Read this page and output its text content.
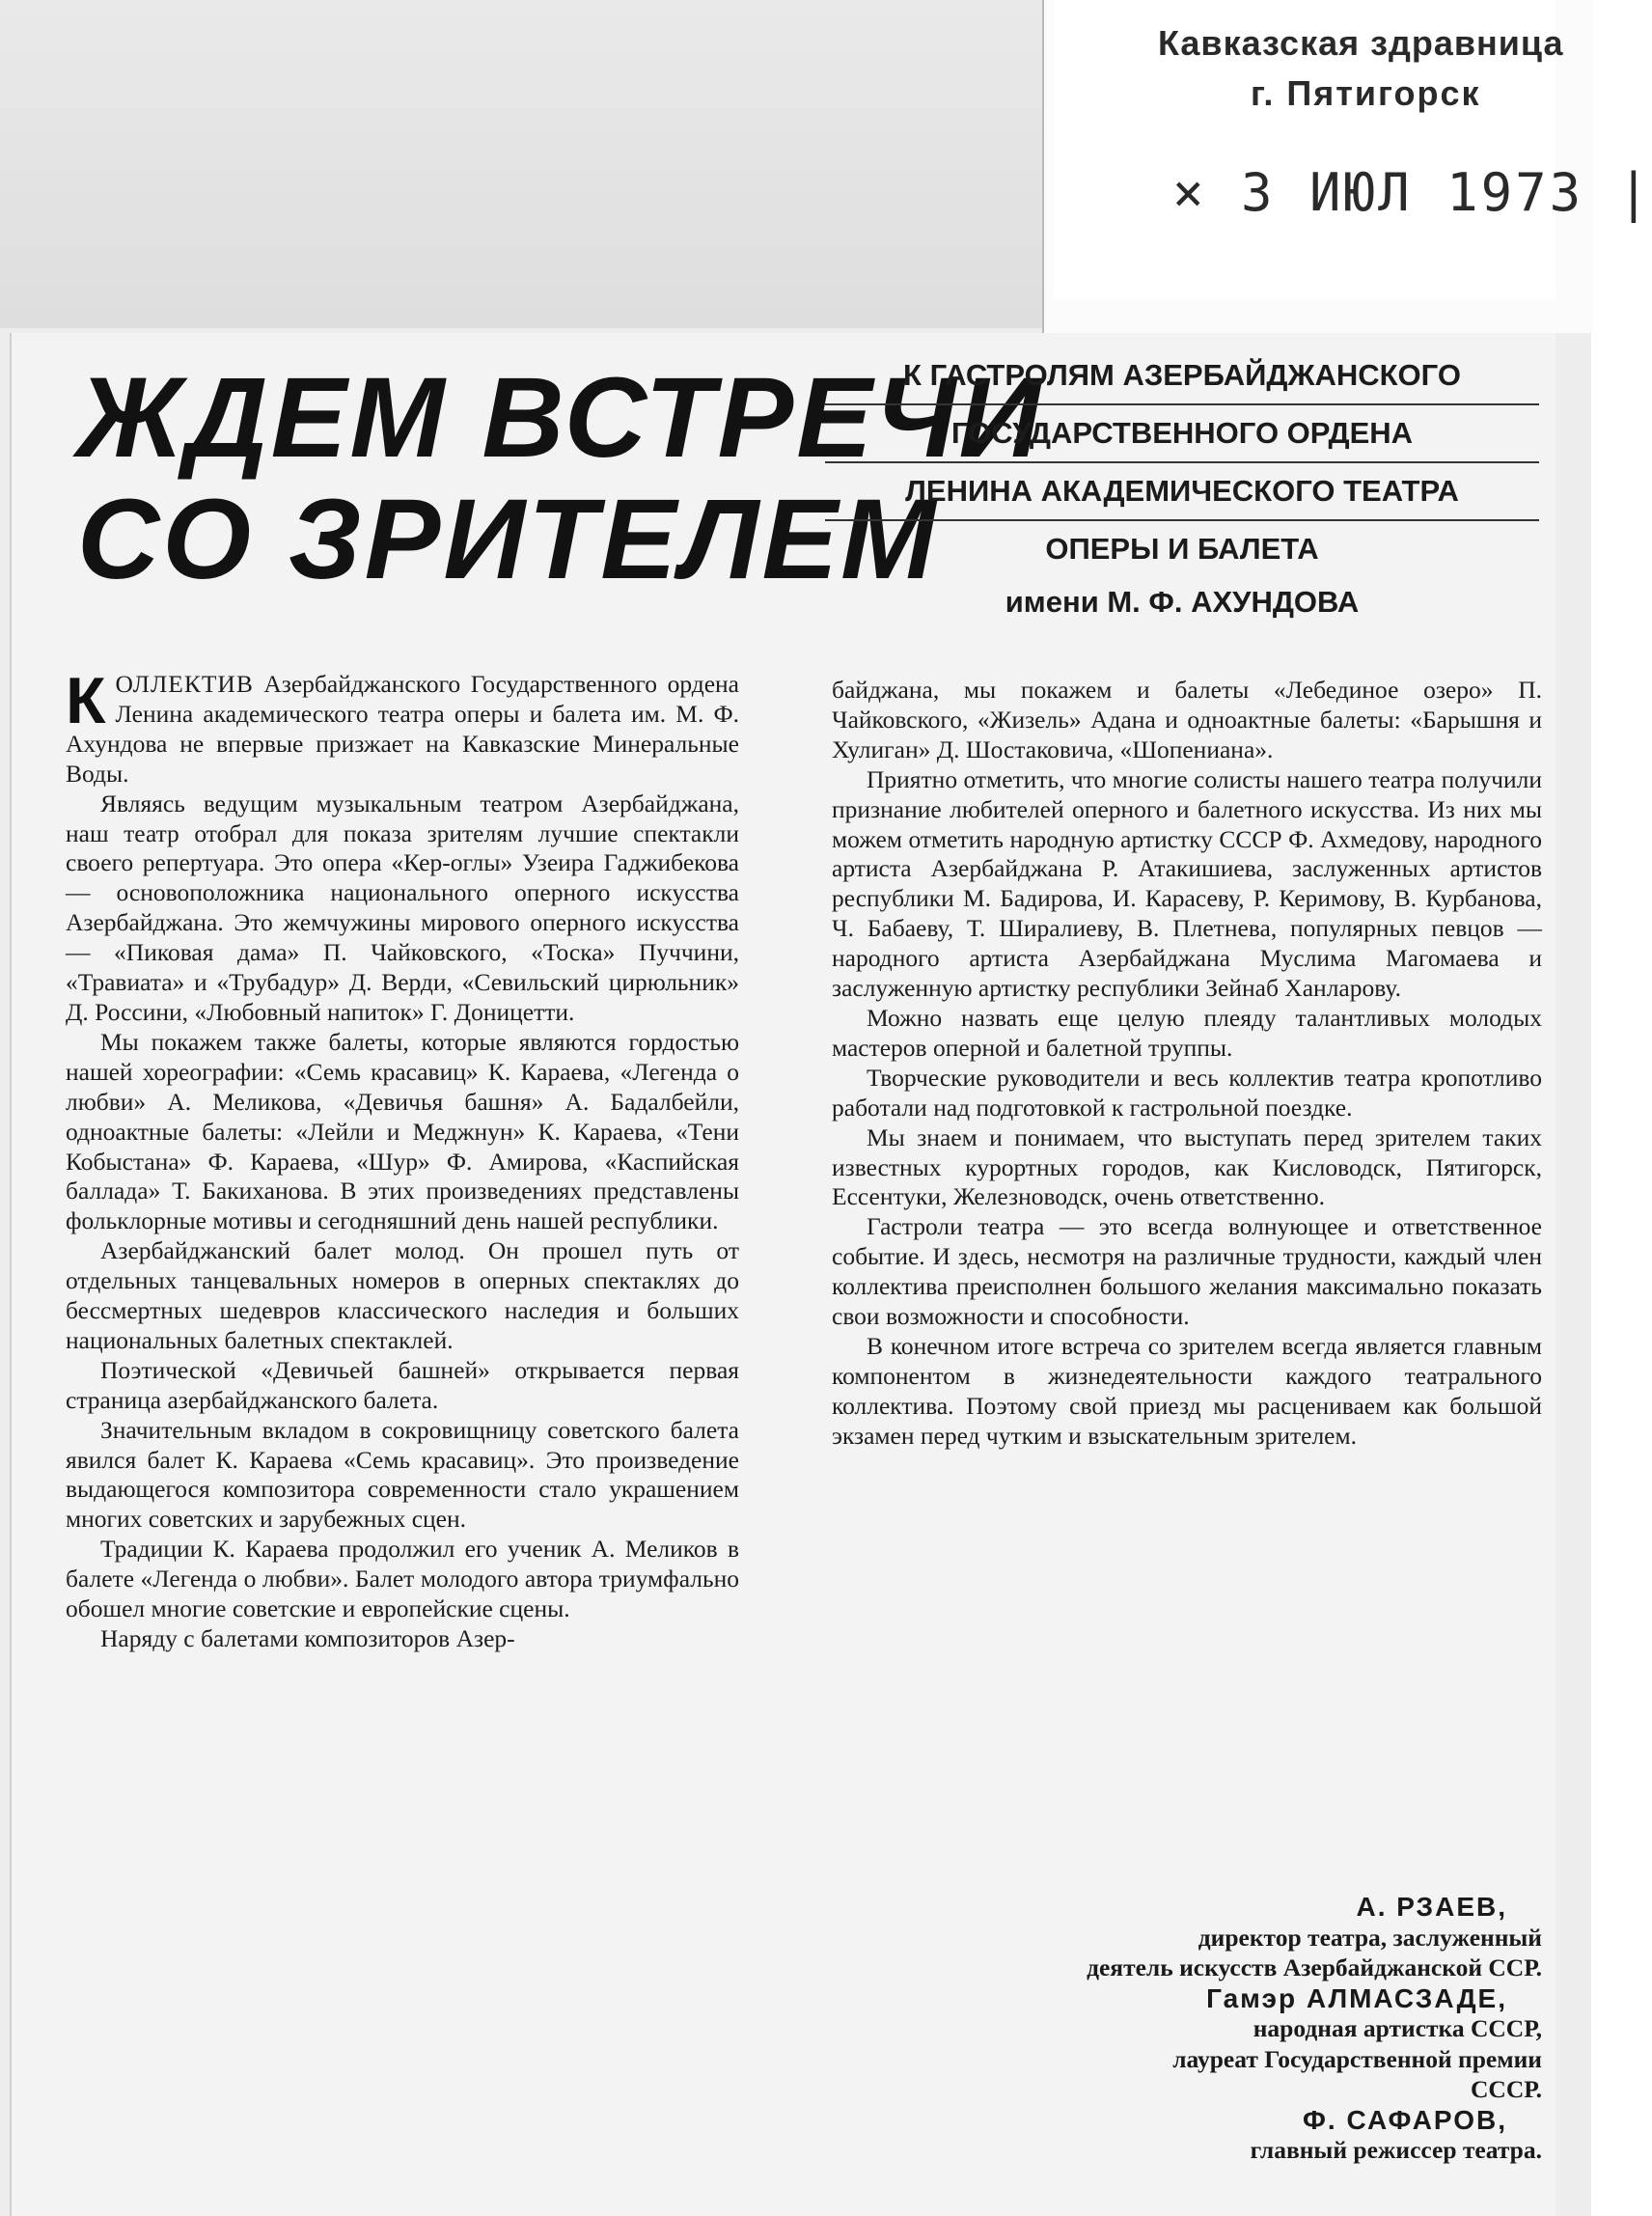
Кавказская здравница
г. Пятигорск
× 3 ИЮЛ 1973 |
ЖДЕМ ВСТРЕЧИ
СО ЗРИТЕЛЕМ
К ГАСТРОЛЯМ АЗЕРБАЙДЖАНСКОГО
ГОСУДАРСТВЕННОГО ОРДЕНА
ЛЕНИНА АКАДЕМИЧЕСКОГО ТЕАТРА
ОПЕРЫ И БАЛЕТА
имени М. Ф. АХУНДОВА

КОЛЛЕКТИВ Азербайджанского Государственного ордена Ленина академического театра оперы и балета им. М. Ф. Ахундова не впервые призжает на Кавказские Минеральные Воды.

Являясь ведущим музыкальным театром Азербайджана, наш театр отобрал для показа зрителям лучшие спектакли своего репертуара. Это опера «Кер-оглы» Узеира Гаджибекова — основоположника национального оперного искусства Азербайджана. Это жемчужины мирового оперного искусства — «Пиковая дама» П. Чайковского, «Тоска» Пуччини, «Травиата» и «Трубадур» Д. Верди, «Севильский цирюльник» Д. Россини, «Любовный напиток» Г. Доницетти.

Мы покажем также балеты, которые являются гордостью нашей хореографии: «Семь красавиц» К. Караева, «Легенда о любви» А. Меликова, «Девичья башня» А. Бадалбейли, одноактные балеты: «Лейли и Меджнун» К. Караева, «Тени Кобыстана» Ф. Караева, «Шур» Ф. Амирова, «Каспийская баллада» Т. Бакиханова. В этих произведениях представлены фольклорные мотивы и сегодняшний день нашей республики.

Азербайджанский балет молод. Он прошел путь от отдельных танцевальных номеров в оперных спектаклях до бессмертных шедевров классического наследия и больших национальных балетных спектаклей.

Поэтической «Девичьей башней» открывается первая страница азербайджанского балета.

Значительным вкладом в сокровищницу советского балета явился балет К. Караева «Семь красавиц». Это произведение выдающегося композитора современности стало украшением многих советских и зарубежных сцен.

Традиции К. Караева продолжил его ученик А. Меликов в балете «Легенда о любви». Балет молодого автора триумфально обошел многие советские и европейские сцены.

Наряду с балетами композиторов Азер-

байджана, мы покажем и балеты «Лебединое озеро» П. Чайковского, «Жизель» Адана и одноактные балеты: «Барышня и Хулиган» Д. Шостаковича, «Шопениана».

Приятно отметить, что многие солисты нашего театра получили признание любителей оперного и балетного искусства. Из них мы можем отметить народную артистку СССР Ф. Ахмедову, народного артиста Азербайджана Р. Атакишиева, заслуженных артистов республики М. Бадирова, И. Карасеву, Р. Керимову, В. Курбанова, Ч. Бабаеву, Т. Ширалиеву, В. Плетнева, популярных певцов — народного артиста Азербайджана Муслима Магомаева и заслуженную артистку республики Зейнаб Ханларову.

Можно назвать еще целую плеяду талантливых молодых мастеров оперной и балетной труппы.

Творческие руководители и весь коллектив театра кропотливо работали над подготовкой к гастрольной поездке.

Мы знаем и понимаем, что выступать перед зрителем таких известных курортных городов, как Кисловодск, Пятигорск, Ессентуки, Железноводск, очень ответственно.

Гастроли театра — это всегда волнующее и ответственное событие. И здесь, несмотря на различные трудности, каждый член коллектива преисполнен большого желания максимально показать свои возможности и способности.

В конечном итоге встреча со зрителем всегда является главным компонентом в жизнедеятельности каждого театрального коллектива. Поэтому свой приезд мы расцениваем как большой экзамен перед чутким и взыскательным зрителем.

А. РЗАЕВ,
директор театра, заслуженный
деятель искусств Азербайджанской ССР.
Гамэр АЛМАСЗАДЕ,
народная артистка СССР,
лауреат Государственной премии
СССР.
Ф. САФАРОВ,
главный режиссер театра.
